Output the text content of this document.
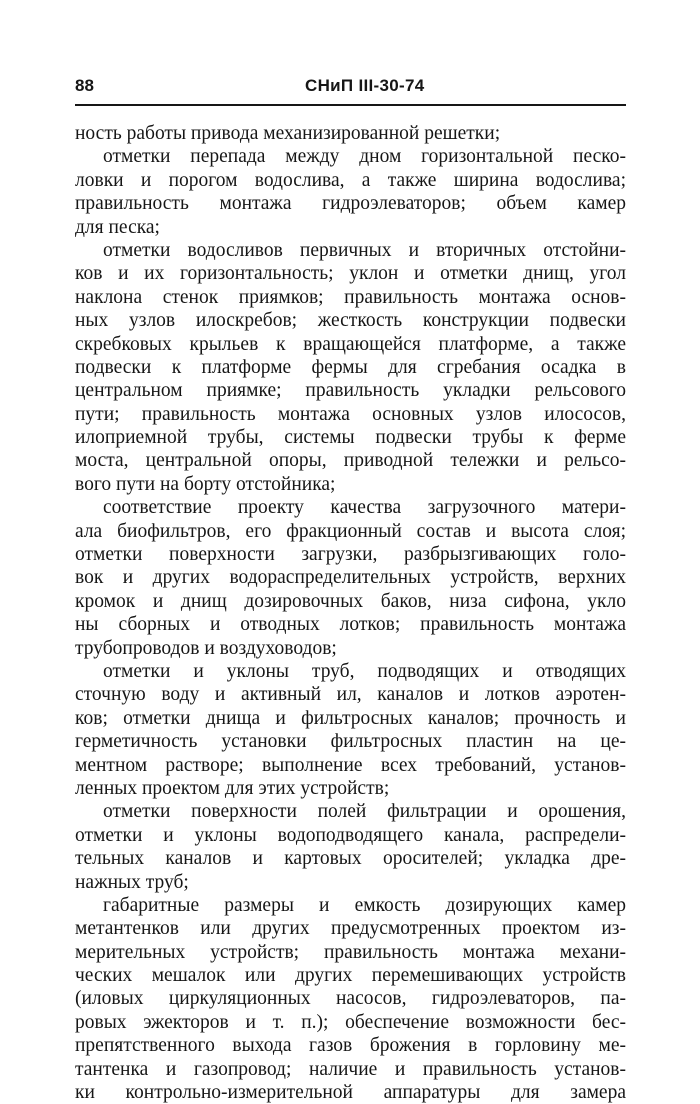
88	СНиП III-30-74
ность работы привода механизированной решетки;
отметки перепада между дном горизонтальной песко-
ловки и порогом водослива, а также ширина водослива;
правильность монтажа гидроэлеваторов; объем камер
для песка;
отметки водосливов первичных и вторичных отстойни-
ков и их горизонтальность; уклон и отметки днищ, угол
наклона стенок приямков; правильность монтажа основ-
ных узлов илоскребов; жесткость конструкции подвески
скребковых крыльев к вращающейся платформе, а также
подвески к платформе фермы для сгребания осадка в
центральном приямке; правильность укладки рельсового
пути; правильность монтажа основных узлов илососов,
илоприемной трубы, системы подвески трубы к ферме
моста, центральной опоры, приводной тележки и рельсо-
вого пути на борту отстойника;
соответствие проекту качества загрузочного матери-
ала биофильтров, его фракционный состав и высота слоя;
отметки поверхности загрузки, разбрызгивающих голо-
вок и других водораспределительных устройств, верхних
кромок и днищ дозировочных баков, низа сифона, укло
ны сборных и отводных лотков; правильность монтажа
трубопроводов и воздуховодов;
отметки и уклоны труб, подводящих и отводящих
сточную воду и активный ил, каналов и лотков аэротен-
ков; отметки днища и фильтросных каналов; прочность и
герметичность установки фильтросных пластин на це-
ментном растворе; выполнение всех требований, установ-
ленных проектом для этих устройств;
отметки поверхности полей фильтрации и орошения,
отметки и уклоны водоподводящего канала, распредели-
тельных каналов и картовых оросителей; укладка дре-
нажных труб;
габаритные размеры и емкость дозирующих камер
метантенков или других предусмотренных проектом из-
мерительных устройств; правильность монтажа механи-
ческих мешалок или других перемешивающих устройств
(иловых циркуляционных насосов, гидроэлеваторов, па-
ровых эжекторов и т. п.); обеспечение возможности бес-
препятственного выхода газов брожения в горловину ме-
тантенка и газопровод; наличие и правильность установ-
ки контрольно-измерительной аппаратуры для замера
